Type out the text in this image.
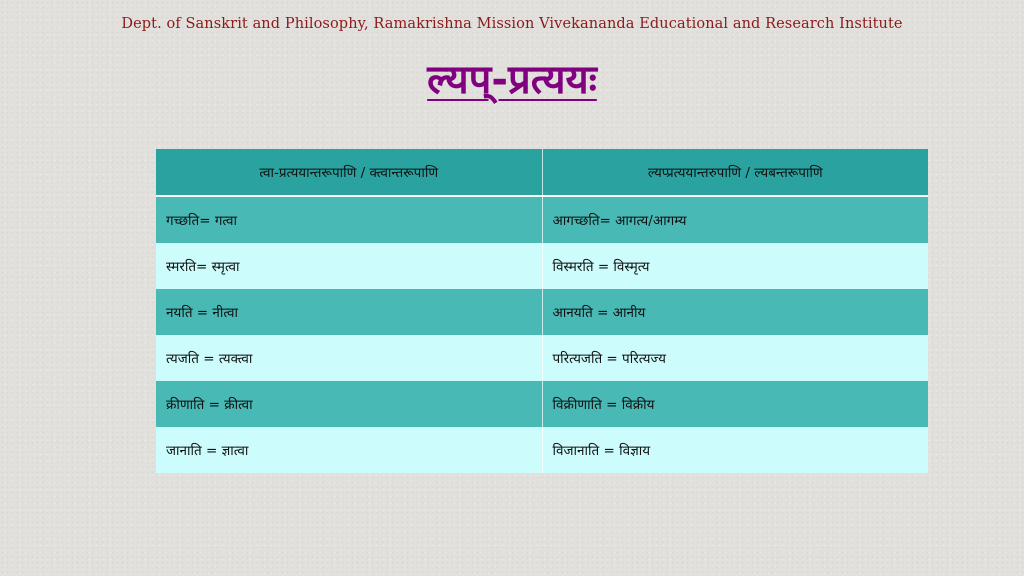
Dept. of Sanskrit and Philosophy, Ramakrishna Mission Vivekananda Educational and Research Institute
ल्यप्-प्रत्ययः
त्वा-प्रत्ययान्तरूपाणि / क्त्वान्तरूपाणि	ल्यप्प्रत्ययान्तरुपाणि / ल्यबन्तरूपाणि
गच्छति= गत्वा	आगच्छति= आगत्य/आगम्य
स्मरति= स्मृत्वा	विस्मरति = विस्मृत्य
नयति = नीत्वा	आनयति = आनीय
त्यजति = त्यक्त्वा	परित्यजति = परित्यज्य
क्रीणाति = क्रीत्वा	विक्रीणाति = विक्रीय
जानाति = ज्ञात्वा	विजानाति = विज्ञाय
